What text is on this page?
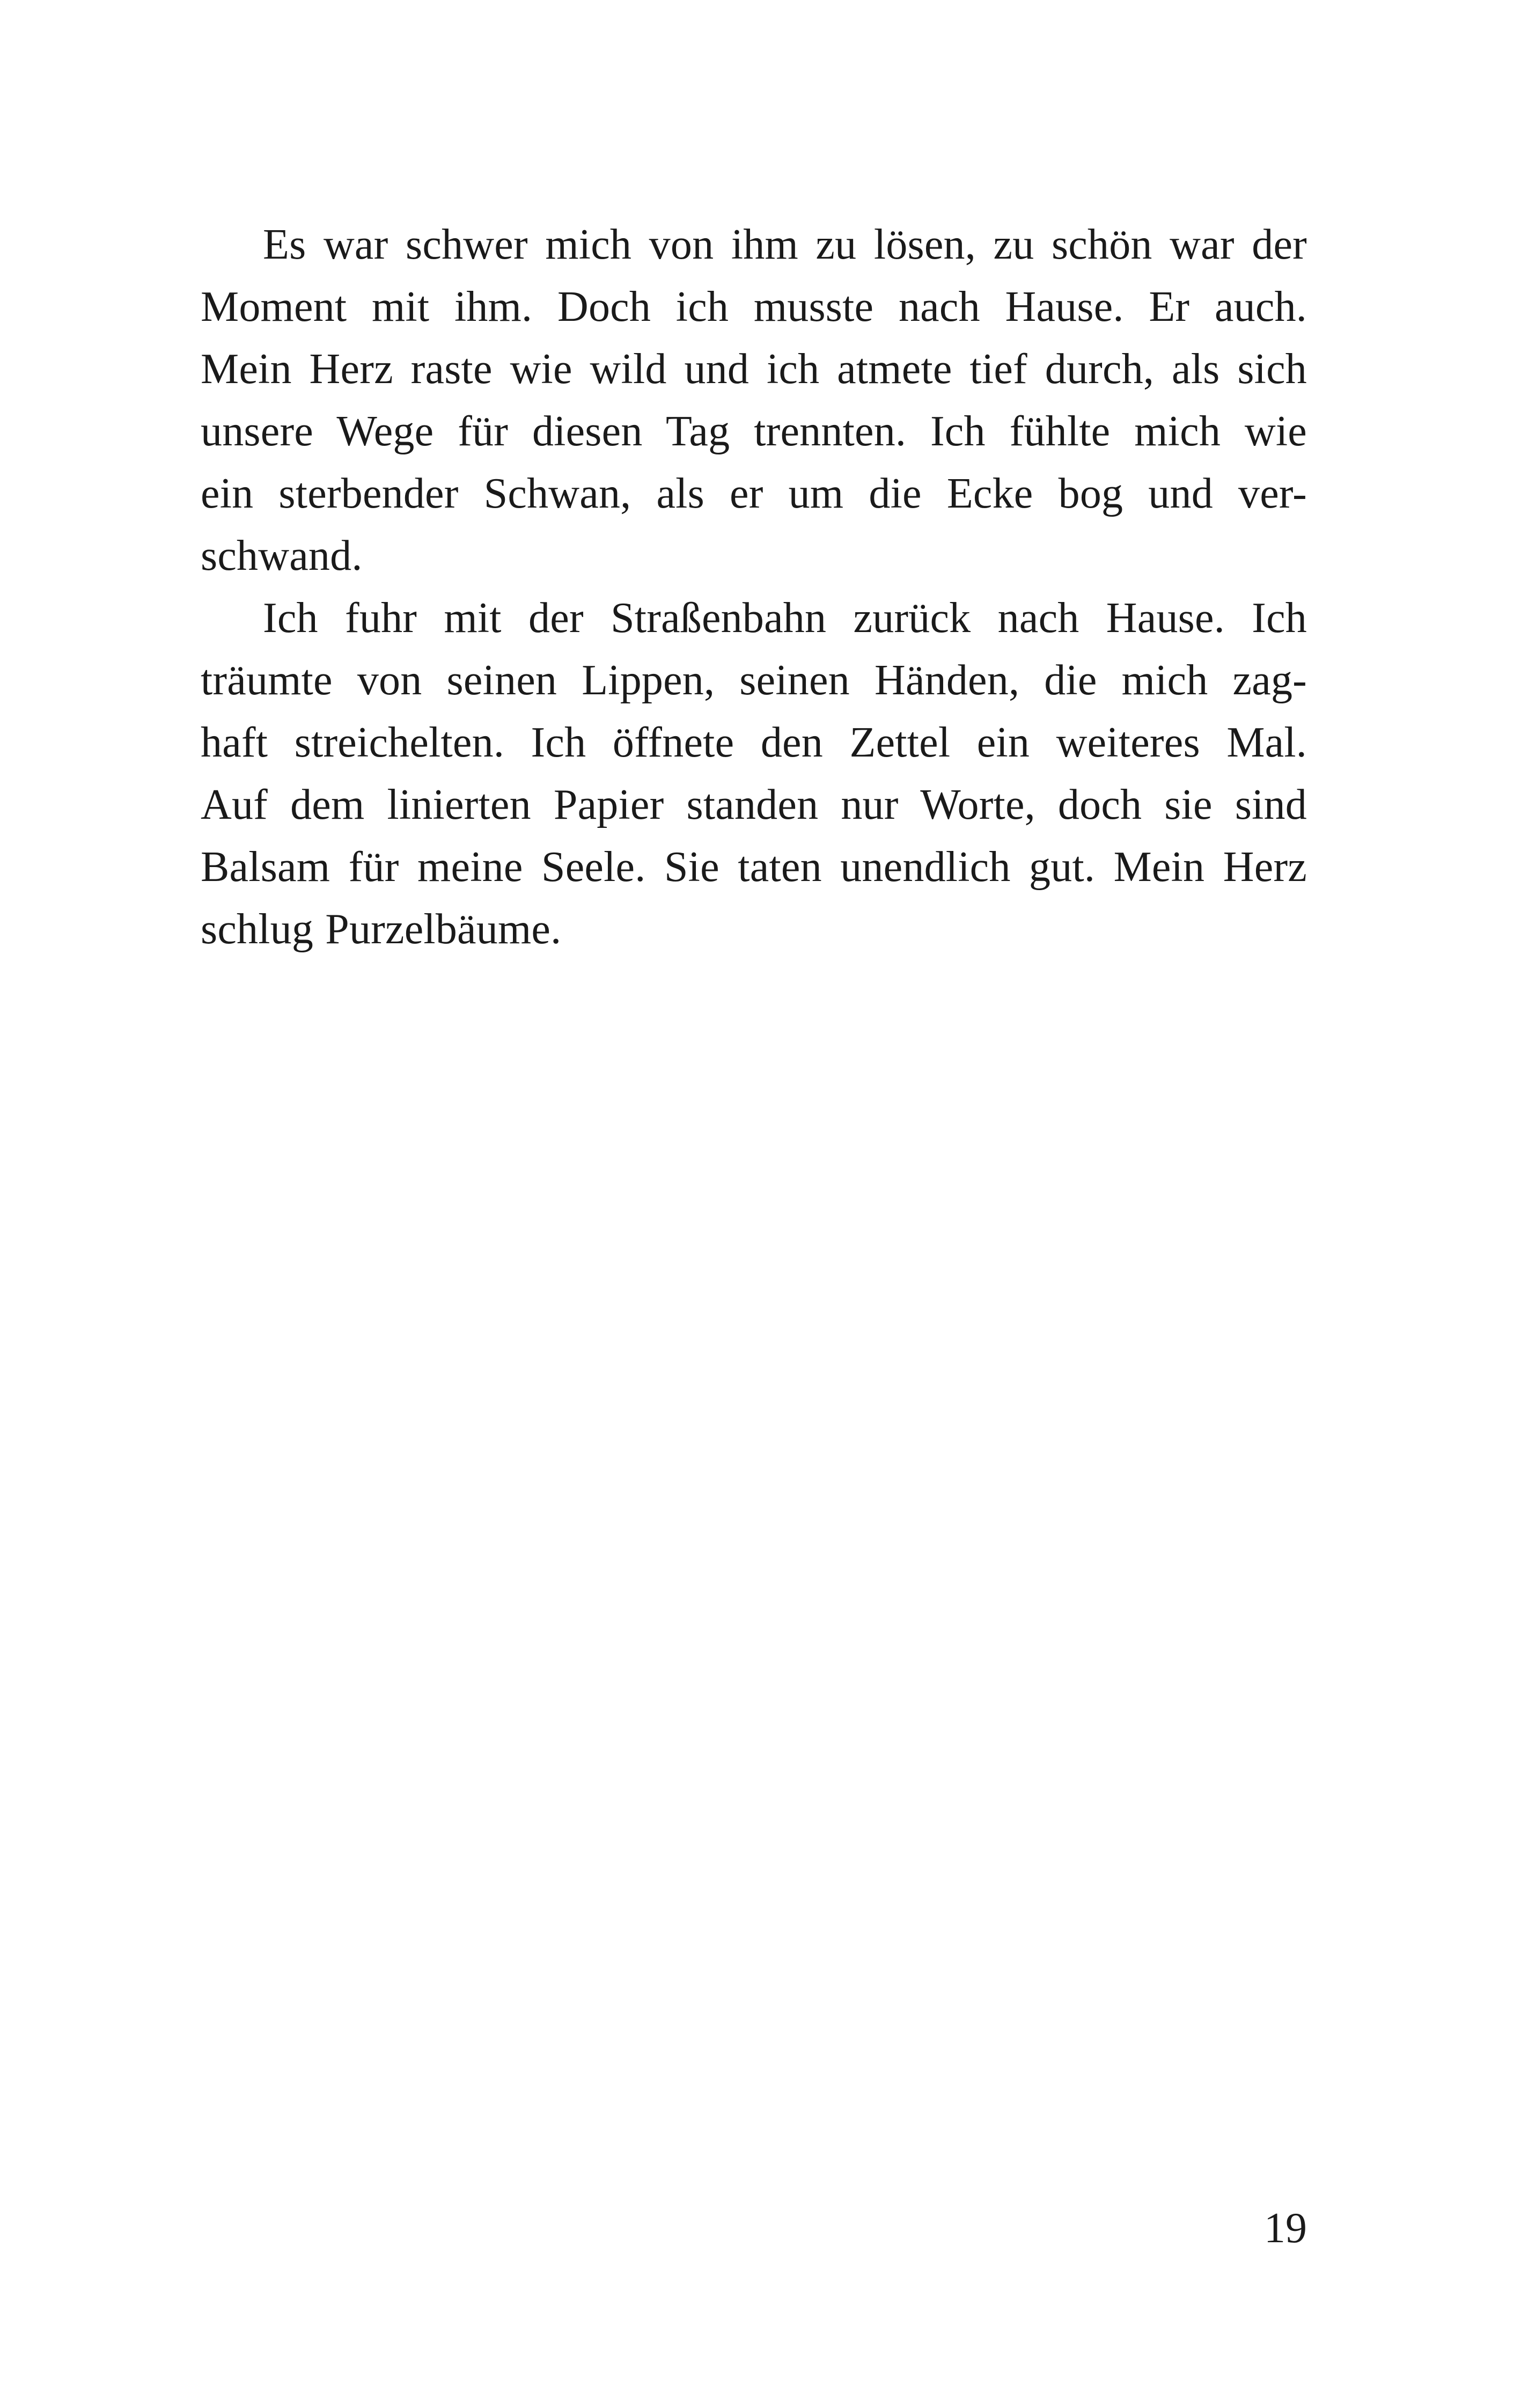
Es war schwer mich von ihm zu lösen, zu schön war der
Moment mit ihm. Doch ich musste nach Hause. Er auch.
Mein Herz raste wie wild und ich atmete tief durch, als sich
unsere Wege für diesen Tag trennten. Ich fühlte mich wie
ein sterbender Schwan, als er um die Ecke bog und ver-
schwand.

Ich fuhr mit der Straßenbahn zurück nach Hause. Ich
träumte von seinen Lippen, seinen Händen, die mich zag-
haft streichelten. Ich öffnete den Zettel ein weiteres Mal.
Auf dem linierten Papier standen nur Worte, doch sie sind
Balsam für meine Seele. Sie taten unendlich gut. Mein Herz
schlug Purzelbäume.

19
